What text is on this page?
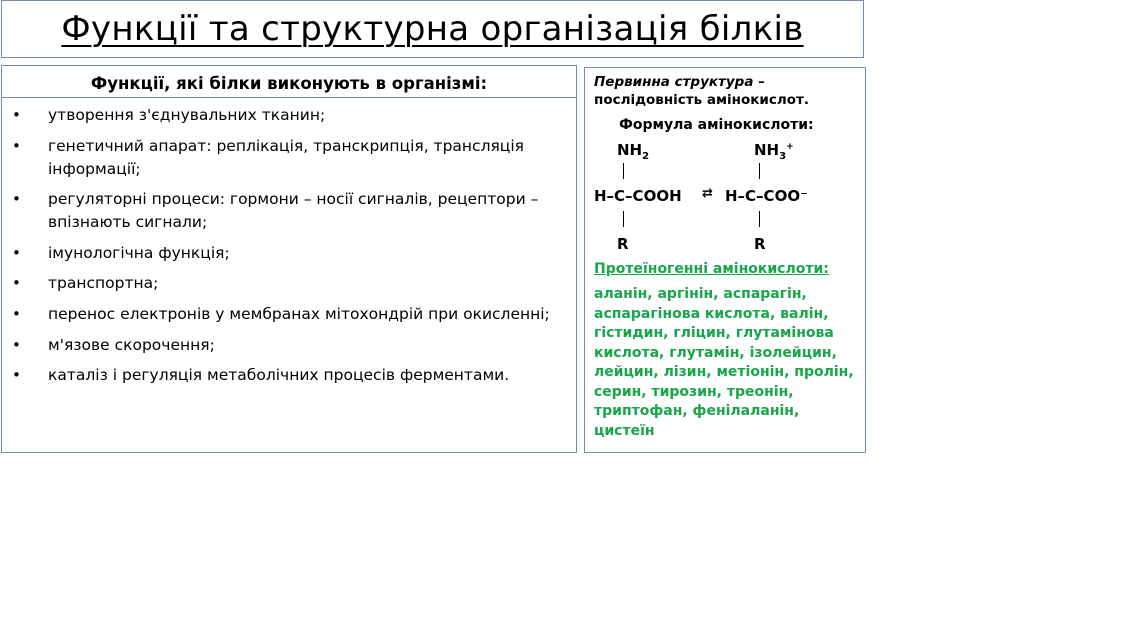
Функції та структурна організація білків
Функції, які білки виконують в організмі:
• утворення з'єднувальних тканин;
• генетичний апарат: реплікація, транскрипція, трансляція інформації;
• регуляторні процеси: гормони – носії сигналів, рецептори – впізнають сигнали;
• імунологічна функція;
• транспортна;
• перенос електронів у мембранах мітохондрій при окисленні;
• м'язове скорочення;
• каталіз і регуляція метаболічних процесів ферментами.
Первинна структура – послідовність амінокислот.
Формула амінокислоти:
$NH_2$	$NH_3^+$
H–C–COOH ⇄ H–C–COO⁻
R	R
Протеїногенні амінокислоти:
аланін, аргінін, аспарагін, аспарагінова кислота, валін, гістидин, гліцин, глутамінова кислота, глутамін, ізолейцин, лейцин, лізин, метіонін, пролін, серин, тирозин, треонін, триптофан, фенілаланін, цистеїн
